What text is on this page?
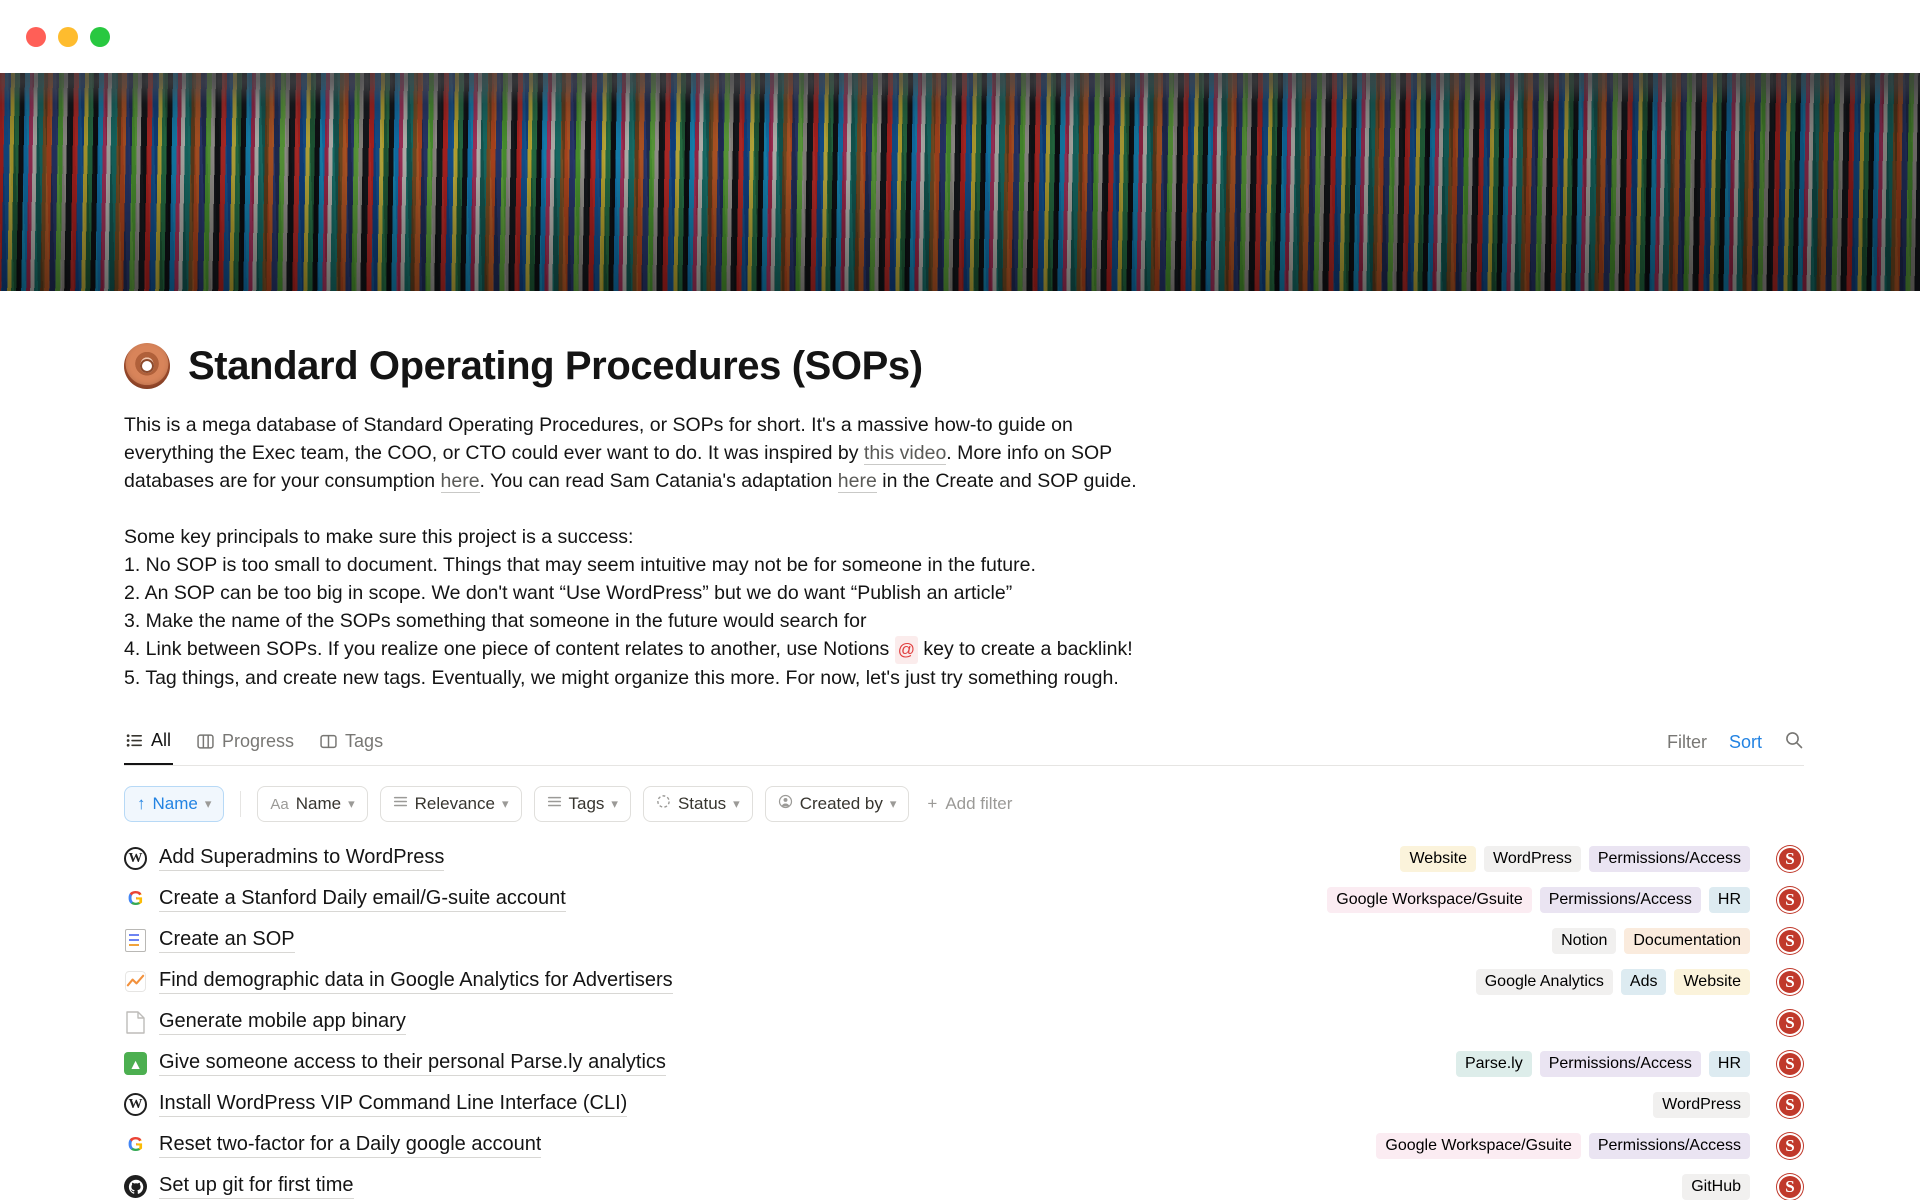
Standard Operating Procedures (SOPs)

This is a mega database of Standard Operating Procedures, or SOPs for short. It's a massive how-to guide on everything the Exec team, the COO, or CTO could ever want to do. It was inspired by this video. More info on SOP databases are for your consumption here. You can read Sam Catania's adaptation here in the Create and SOP guide.

Some key principals to make sure this project is a success:

1. No SOP is too small to document. Things that may seem intuitive may not be for someone in the future.

2. An SOP can be too big in scope. We don't want “Use WordPress” but we do want “Publish an article”

3. Make the name of the SOPs something that someone in the future would search for

4. Link between SOPs. If you realize one piece of content relates to another, use Notions @ key to create a backlink!

5. Tag things, and create new tags. Eventually, we might organize this more. For now, let's just try something rough.

All	Progress	Tags	Filter Sort
↑ Name ▾	Aa Name ▾	Relevance ▾	Tags ▾	Status ▾	Created by ▾ + Add filter
W Add Superadmins to WordPress	Website	WordPress	Permissions/Access	S
G Create a Stanford Daily email/G-suite account	Google Workspace/Gsuite	Permissions/Access	HR	S
Create an SOP	Notion	Documentation	S
Find demographic data in Google Analytics for Advertisers	Google Analytics	Ads	Website	S
Generate mobile app binary	S
▲ Give someone access to their personal Parse.ly analytics	Parse.ly	Permissions/Access	HR	S
W Install WordPress VIP Command Line Interface (CLI)	WordPress	S
G Reset two-factor for a Daily google account	Google Workspace/Gsuite	Permissions/Access	S
Set up git for first time	GitHub	S
